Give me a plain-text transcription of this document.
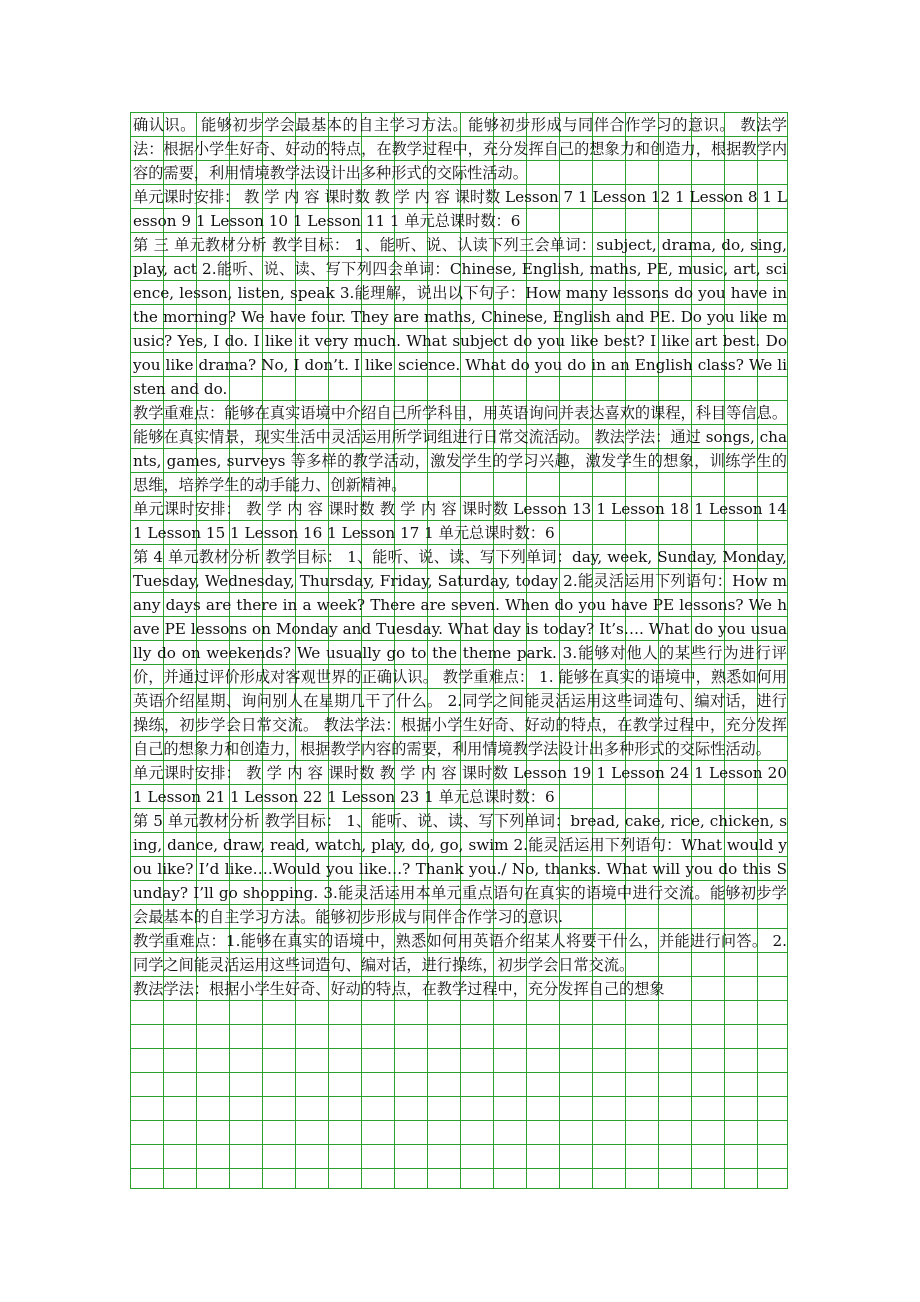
确认识。 能够初步学会最基本的自主学习方法。能够初步形成与同伴合作学习的意识。 教法学法：根据小学生好奇、好动的特点，在教学过程中，充分发挥自己的想象力和创造力，根据教学内容的需要，利用情境教学法设计出多种形式的交际性活动。

单元课时安排： 教 学 内 容 课时数 教 学 内 容 课时数 Lesson 7 1 Lesson 12 1 Lesson 8 1 Lesson 9 1 Lesson 10 1 Lesson 11 1 单元总课时数：6

第 三 单元教材分析 教学目标： 1、能听、说、认读下列三会单词：subject, drama, do, sing, play, act 2.能听、说、读、写下列四会单词：Chinese, English, maths, PE, music, art, science, lesson, listen, speak 3.能理解，说出以下句子：How many lessons do you have in the morning? We have four. They are maths, Chinese, English and PE. Do you like music? Yes, I do. I like it very much. What subject do you like best? I like art best. Do you like drama? No, I don’t. I like science. What do you do in an English class? We listen and do.

教学重难点：能够在真实语境中介绍自己所学科目，用英语询问并表达喜欢的课程，科目等信息。能够在真实情景，现实生活中灵活运用所学词组进行日常交流活动。 教法学法：通过 songs, chants, games, surveys 等多样的教学活动，激发学生的学习兴趣，激发学生的想象，训练学生的思维，培养学生的动手能力、创新精神。

单元课时安排： 教 学 内 容 课时数 教 学 内 容 课时数 Lesson 13 1 Lesson 18 1 Lesson 14 1 Lesson 15 1 Lesson 16 1 Lesson 17 1 单元总课时数：6

第 4 单元教材分析 教学目标： 1、能听、说、读、写下列单词：day, week, Sunday, Monday, Tuesday, Wednesday, Thursday, Friday, Saturday, today 2.能灵活运用下列语句：How many days are there in a week? There are seven. When do you have PE lessons? We have PE lessons on Monday and Tuesday. What day is today? It’s…. What do you usually do on weekends? We usually go to the theme park. 3.能够对他人的某些行为进行评价，并通过评价形成对客观世界的正确认识。 教学重难点： 1. 能够在真实的语境中，熟悉如何用英语介绍星期、询问别人在星期几干了什么。 2.同学之间能灵活运用这些词造句、编对话，进行操练，初步学会日常交流。 教法学法：根据小学生好奇、好动的特点，在教学过程中，充分发挥自己的想象力和创造力，根据教学内容的需要，利用情境教学法设计出多种形式的交际性活动。

单元课时安排： 教 学 内 容 课时数 教 学 内 容 课时数 Lesson 19 1 Lesson 24 1 Lesson 20 1 Lesson 21 1 Lesson 22 1 Lesson 23 1 单元总课时数：6

第 5 单元教材分析 教学目标： 1、能听、说、读、写下列单词：bread, cake, rice, chicken, sing, dance, draw, read, watch, play, do, go, swim 2.能灵活运用下列语句：What would you like? I’d like….Would you like…? Thank you./ No, thanks. What will you do this Sunday? I’ll go shopping. 3.能灵活运用本单元重点语句在真实的语境中进行交流。能够初步学会最基本的自主学习方法。能够初步形成与同伴合作学习的意识.

教学重难点：1.能够在真实的语境中，熟悉如何用英语介绍某人将要干什么，并能进行问答。 2.同学之间能灵活运用这些词造句、编对话，进行操练，初步学会日常交流。

教法学法：根据小学生好奇、好动的特点，在教学过程中，充分发挥自己的想象
